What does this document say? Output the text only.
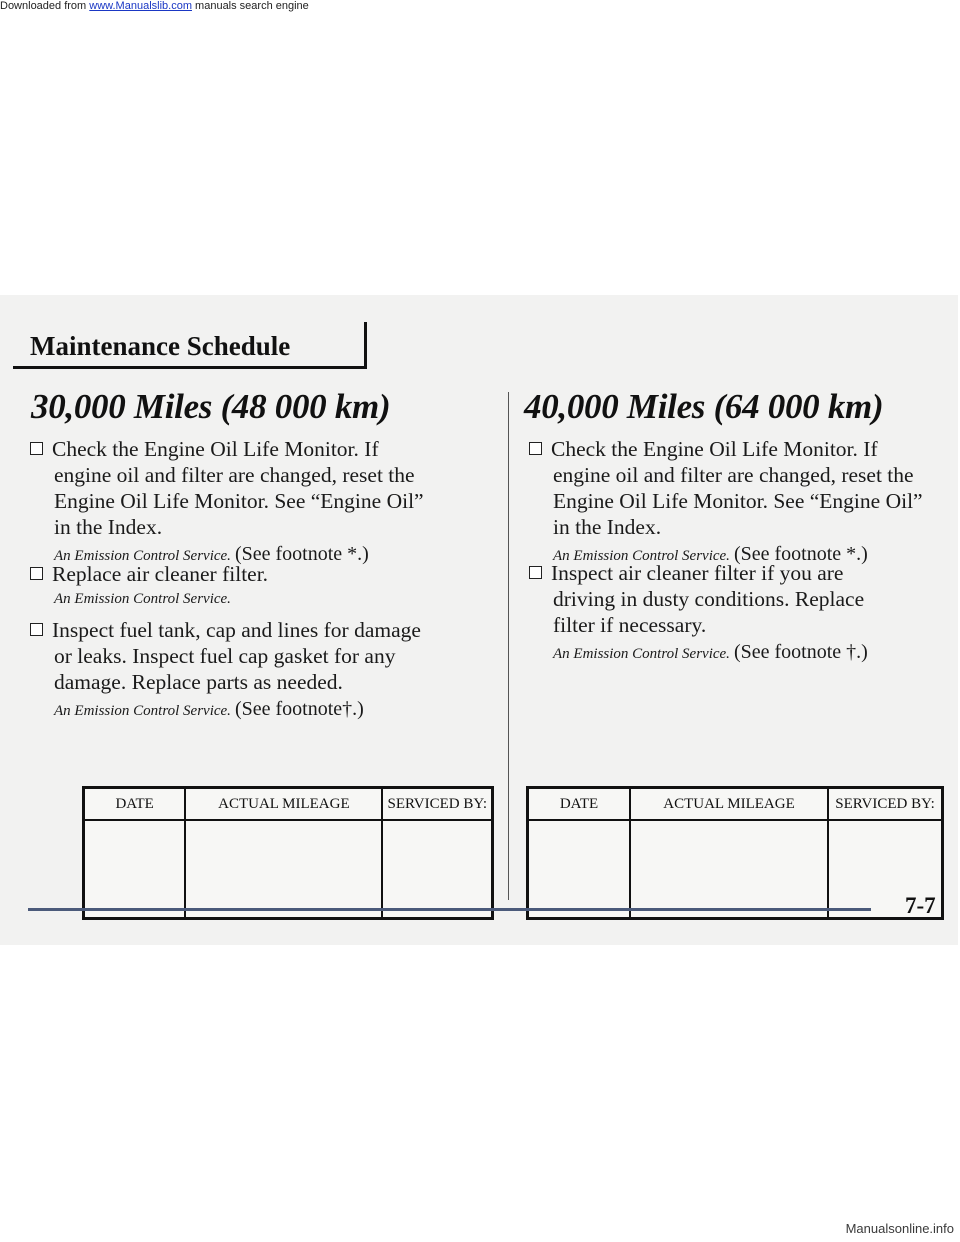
Downloaded from www.Manualslib.com manuals search engine
Maintenance Schedule
30,000 Miles (48 000 km)	40,000 Miles (64 000 km)
Check the Engine Oil Life Monitor. If
engine oil and filter are changed, reset the
Engine Oil Life Monitor. See “Engine Oil”
in the Index.
An Emission Control Service. (See footnote *.)
Replace air cleaner filter.
An Emission Control Service.
Inspect fuel tank, cap and lines for damage
or leaks. Inspect fuel cap gasket for any
damage. Replace parts as needed.
An Emission Control Service. (See footnote†.)
DATE	ACTUAL MILEAGE	SERVICED BY:

Check the Engine Oil Life Monitor. If
engine oil and filter are changed, reset the
Engine Oil Life Monitor. See “Engine Oil”
in the Index.
An Emission Control Service. (See footnote *.)
Inspect air cleaner filter if you are
driving in dusty conditions. Replace
filter if necessary.
An Emission Control Service. (See footnote †.)
DATE	ACTUAL MILEAGE	SERVICED BY:

7-7
Manualsonline.info
